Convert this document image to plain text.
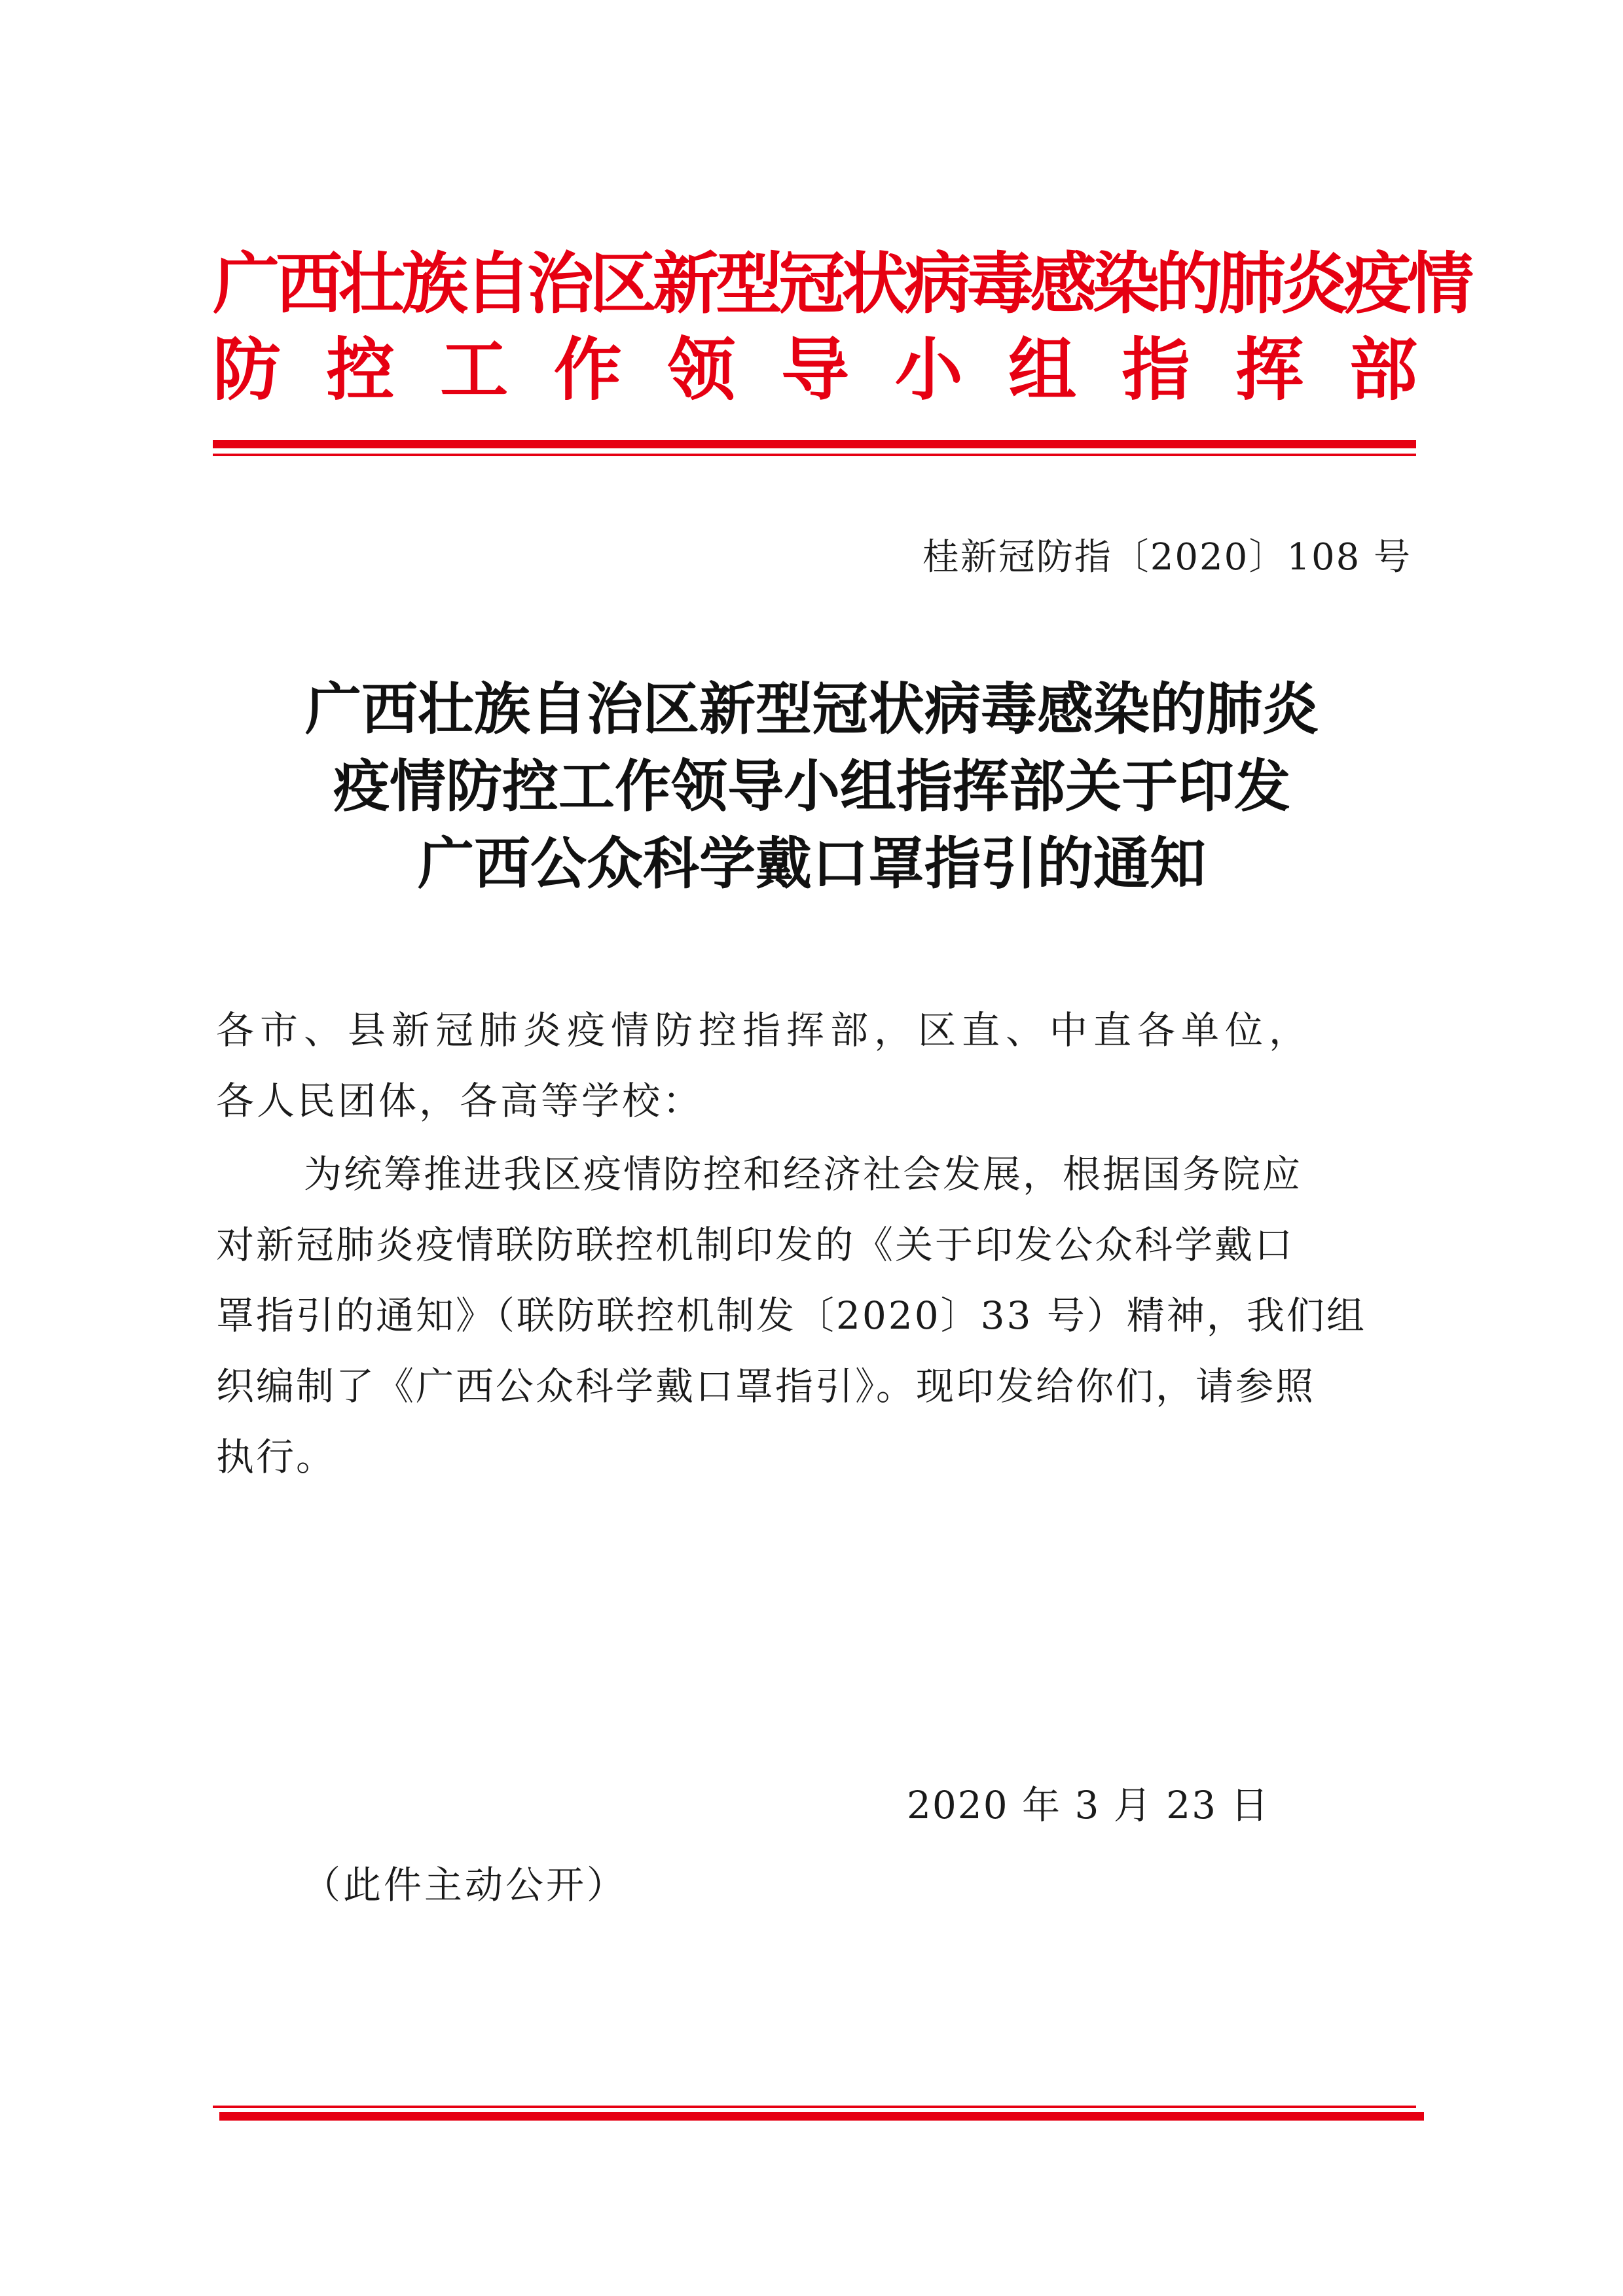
广西壮族自治区新型冠状病毒感染的肺炎疫情
防 控 工 作 领 导 小 组 指 挥 部
桂新冠防指〔2020〕108 号
广西壮族自治区新型冠状病毒感染的肺炎
疫情防控工作领导小组指挥部关于印发
广西公众科学戴口罩指引的通知
各市、县新冠肺炎疫情防控指挥部，区直、中直各单位，
各人民团体，各高等学校：
为统筹推进我区疫情防控和经济社会发展，根据国务院应
对新冠肺炎疫情联防联控机制印发的《关于印发公众科学戴口
罩指引的通知》（联防联控机制发〔2020〕33 号）精神，我们组
织编制了《广西公众科学戴口罩指引》。现印发给你们，请参照
执行。
2020 年 3 月 23 日
（此件主动公开）
